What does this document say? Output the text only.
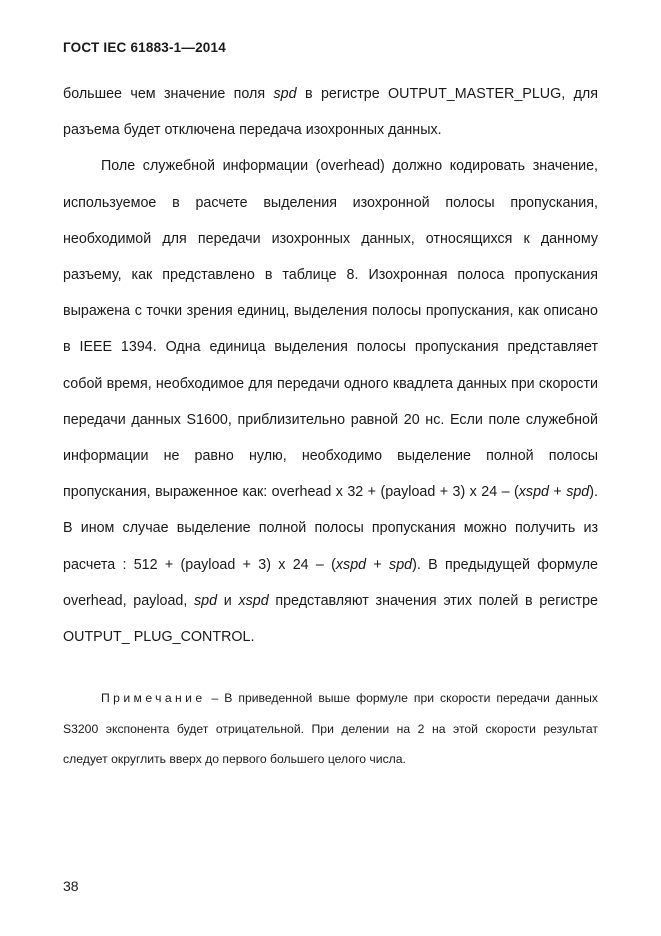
ГОСТ IEC 61883-1—2014

большее чем значение поля spd в регистре OUTPUT_MASTER_PLUG, для разъема будет отключена передача изохронных данных.

Поле служебной информации (overhead) должно кодировать значение, используемое в расчете выделения изохронной полосы пропускания, необходимой для передачи изохронных данных, относящихся к данному разъему, как представлено в таблице 8. Изохронная полоса пропускания выражена с точки зрения единиц, выделения полосы пропускания, как описано в IEEE 1394. Одна единица выделения полосы пропускания представляет собой время, необходимое для передачи одного квадлета данных при скорости передачи данных S1600, приблизительно равной 20 нс. Если поле служебной информации не равно нулю, необходимо выделение полной полосы пропускания, выраженное как: overhead x 32 + (payload + 3) x 24 – (xspd + spd). В ином случае выделение полной полосы пропускания можно получить из расчета : 512 + (payload + 3) x 24 – (xspd + spd). В предыдущей формуле overhead, payload, spd и xspd представляют значения этих полей в регистре OUTPUT_ PLUG_CONTROL.

Примечание – В приведенной выше формуле при скорости передачи данных S3200 экспонента будет отрицательной. При делении на 2 на этой скорости результат следует округлить вверх до первого большего целого числа.

38
